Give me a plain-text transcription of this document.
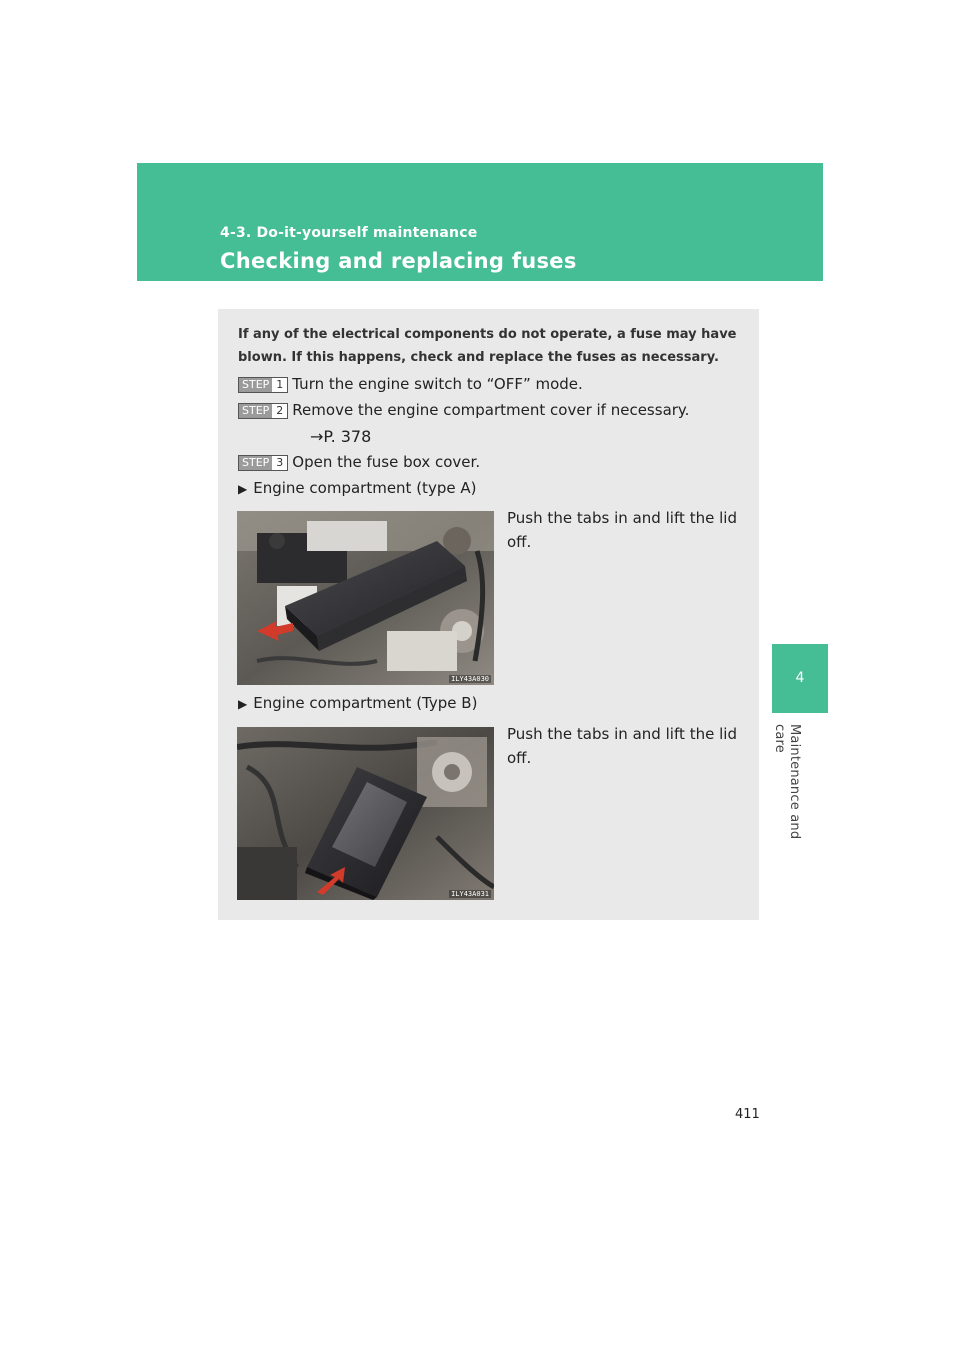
4-3. Do-it-yourself maintenance
Checking and replacing fuses
4
Maintenance and care
If any of the electrical components do not operate, a fuse may have blown. If this happens, check and replace the fuses as necessary.
STEP 1 Turn the engine switch to “OFF” mode.
STEP 2 Remove the engine compartment cover if necessary.
→P. 378
STEP 3 Open the fuse box cover.
▶ Engine compartment (type A)
ILY43A030
Push the tabs in and lift the lid off.
▶ Engine compartment (Type B)
ILY43A031
Push the tabs in and lift the lid off.
411
